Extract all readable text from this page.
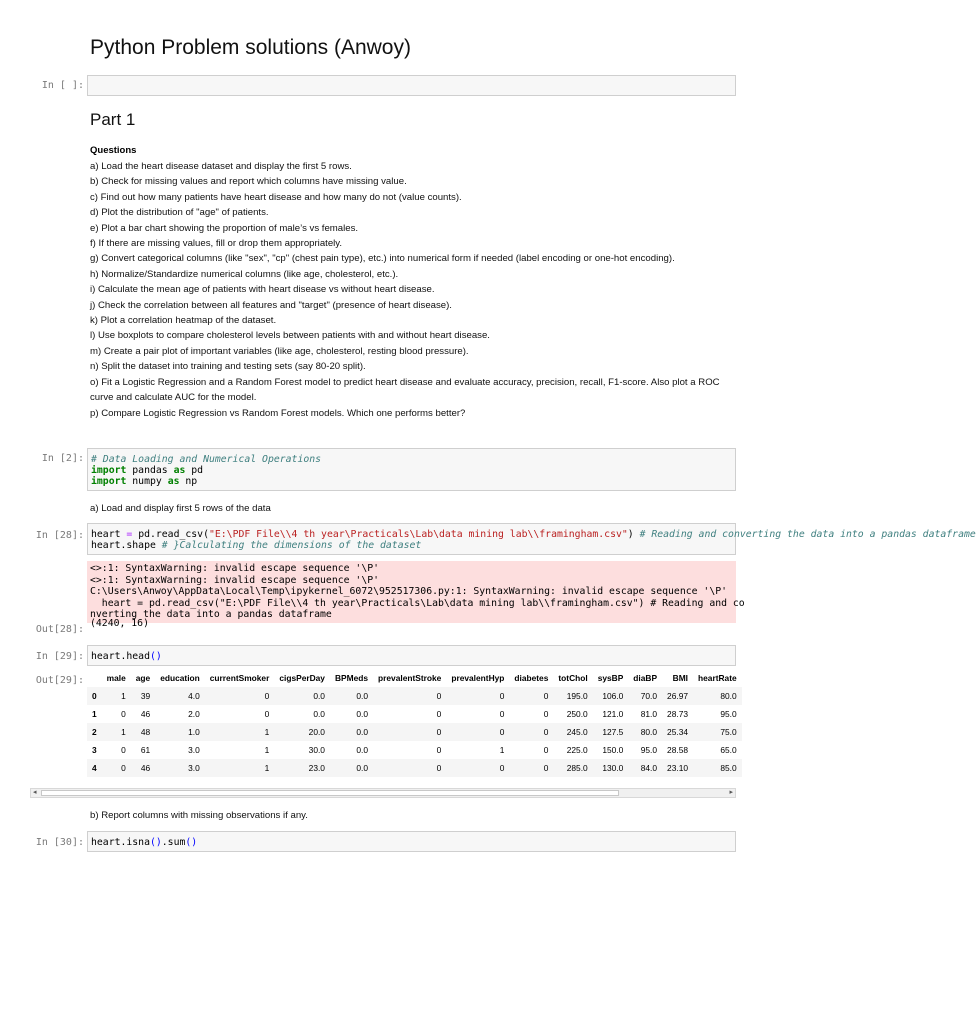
Python Problem solutions (Anwoy)
In [ ]:
Part 1
Questions
a) Load the heart disease dataset and display the first 5 rows.
b) Check for missing values and report which columns have missing value.
c) Find out how many patients have heart disease and how many do not (value counts).
d) Plot the distribution of "age" of patients.
e) Plot a bar chart showing the proportion of male’s vs females.
f) If there are missing values, fill or drop them appropriately.
g) Convert categorical columns (like "sex", "cp" (chest pain type), etc.) into numerical form if needed (label encoding or one-hot encoding).
h) Normalize/Standardize numerical columns (like age, cholesterol, etc.).
i) Calculate the mean age of patients with heart disease vs without heart disease.
j) Check the correlation between all features and "target" (presence of heart disease).
k) Plot a correlation heatmap of the dataset.
l) Use boxplots to compare cholesterol levels between patients with and without heart disease.
m) Create a pair plot of important variables (like age, cholesterol, resting blood pressure).
n) Split the dataset into training and testing sets (say 80-20 split).
o) Fit a Logistic Regression and a Random Forest model to predict heart disease and evaluate accuracy, precision, recall, F1-score. Also plot a ROC curve and calculate AUC for the model.
p) Compare Logistic Regression vs Random Forest models. Which one performs better?
In [2]: # Data Loading and Numerical Operations
import pandas as pd
import numpy as np
a) Load and display first 5 rows of the data
In [28]: heart = pd.read_csv("E:\PDF File\\4 th year\Practicals\Lab\data mining lab\\framingham.csv") # Reading and converting the data into a pandas dataframe
heart.shape # }Calculating the dimensions of the dataset
<>:1: SyntaxWarning: invalid escape sequence '\P'
<>:1: SyntaxWarning: invalid escape sequence '\P'
C:\Users\Anwoy\AppData\Local\Temp\ipykernel_6072\952517306.py:1: SyntaxWarning: invalid escape sequence '\P'
heart = pd.read_csv("E:\PDF File\\4 th year\Practicals\Lab\data mining lab\\framingham.csv") # Reading and co
nverting the data into a pandas dataframe
Out[28]:
(4240, 16)
In [29]: heart.head()
Out[29]:
		male	age	education	currentSmoker	cigsPerDay	BPMeds	prevalentStroke	prevalentHyp	diabetes	totChol	sysBP	diaBP	BMI	heartRate
0	1	39	4.0	0	0.0	0.0	0	0	0	195.0	106.0	70.0	26.97	80.0
1	0	46	2.0	0	0.0	0.0	0	0	0	250.0	121.0	81.0	28.73	95.0
2	1	48	1.0	1	20.0	0.0	0	0	0	245.0	127.5	80.0	25.34	75.0
3	0	61	3.0	1	30.0	0.0	0	1	0	225.0	150.0	95.0	28.58	65.0
4	0	46	3.0	1	23.0	0.0	0	0	0	285.0	130.0	84.0	23.10	85.0
◂	▸
b) Report columns with missing observations if any.
In [30]: heart.isna().sum()
